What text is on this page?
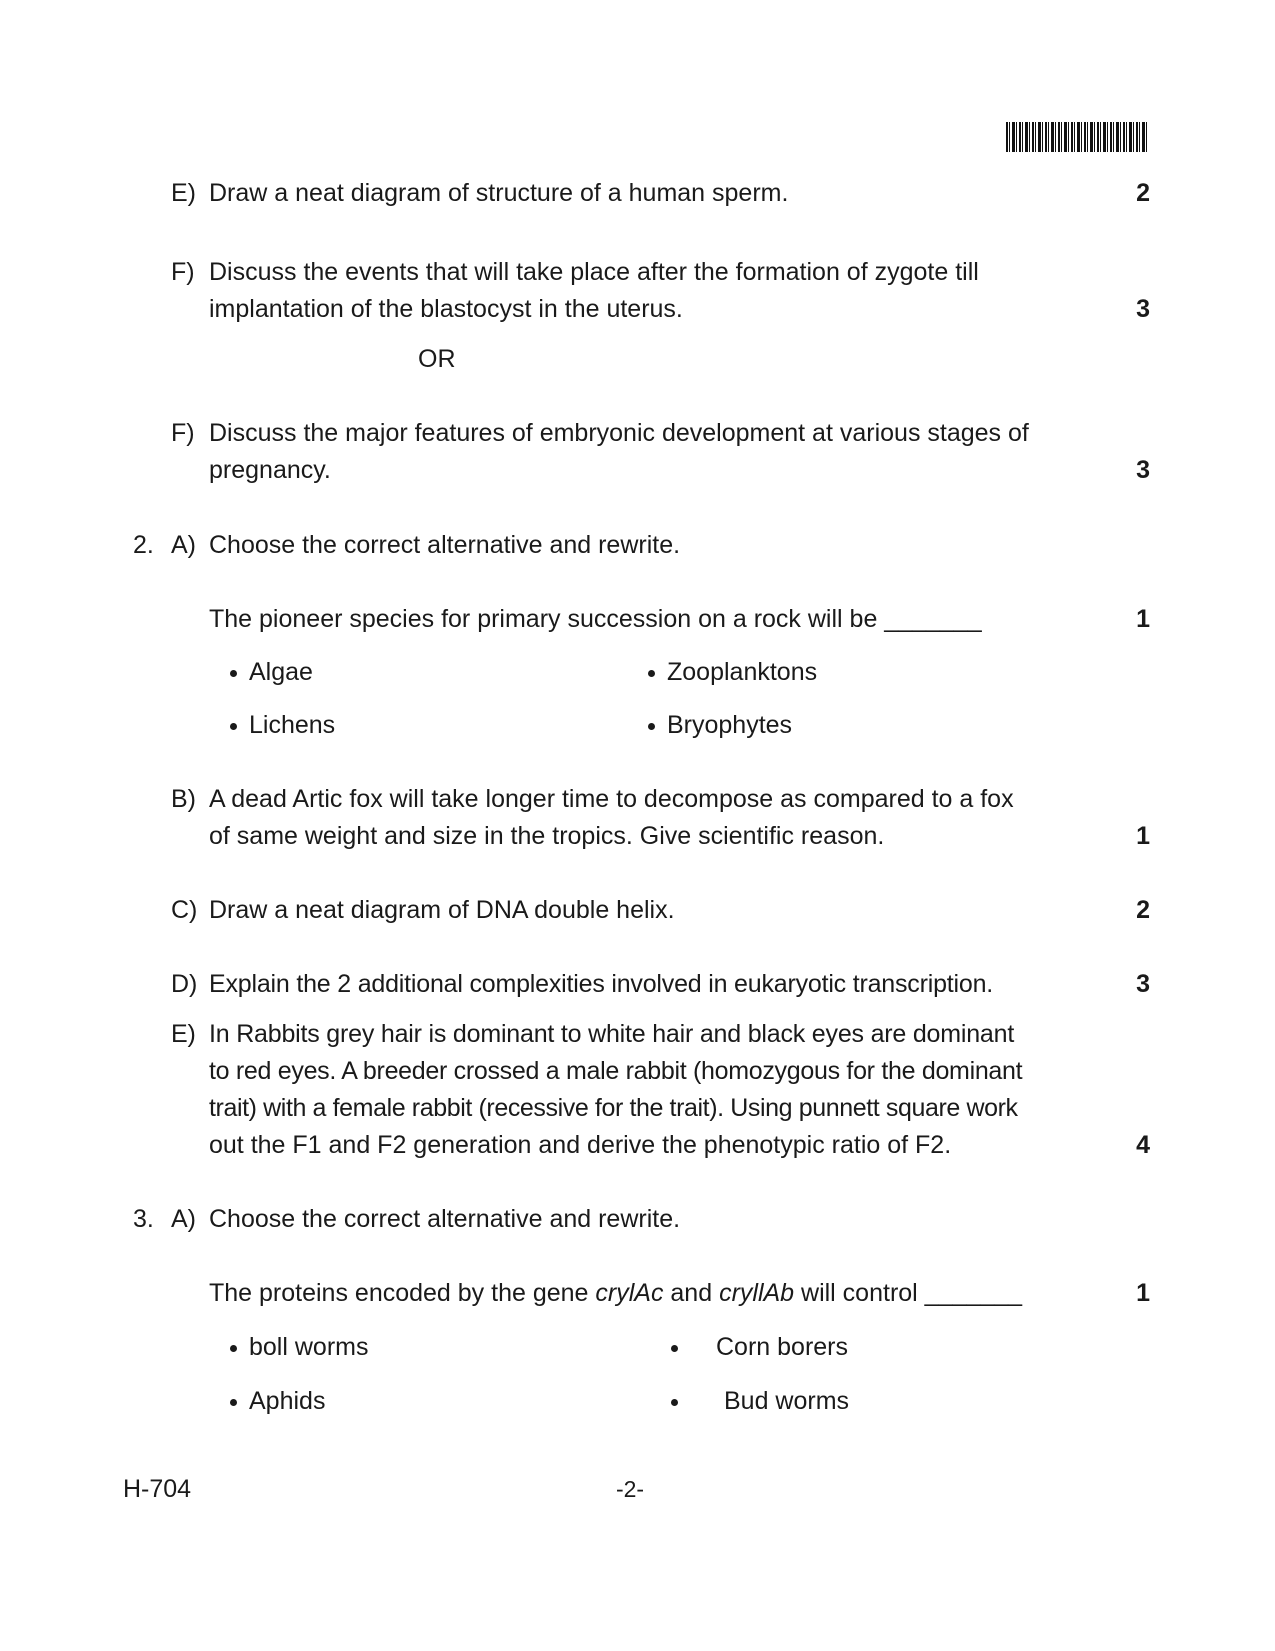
E) Draw a neat diagram of structure of a human sperm.	2
F) Discuss the events that will take place after the formation of zygote till
implantation of the blastocyst in the uterus.	3
OR
F) Discuss the major features of embryonic development at various stages of
pregnancy.	3
2. A) Choose the correct alternative and rewrite.
The pioneer species for primary succession on a rock will be _______	1
Algae	Zooplanktons
Lichens	Bryophytes
B) A dead Artic fox will take longer time to decompose as compared to a fox
of same weight and size in the tropics. Give scientific reason.	1
C) Draw a neat diagram of DNA double helix.	2
D) Explain the 2 additional complexities involved in eukaryotic transcription.	3
E) In Rabbits grey hair is dominant to white hair and black eyes are dominant
to red eyes. A breeder crossed a male rabbit (homozygous for the dominant
trait) with a female rabbit (recessive for the trait). Using punnett square work
out the F1 and F2 generation and derive the phenotypic ratio of F2.	4
3. A) Choose the correct alternative and rewrite.
The proteins encoded by the gene crylAc and cryllAb will control _______	1
boll worms	Corn borers
Aphids	Bud worms
H-704	-2-
